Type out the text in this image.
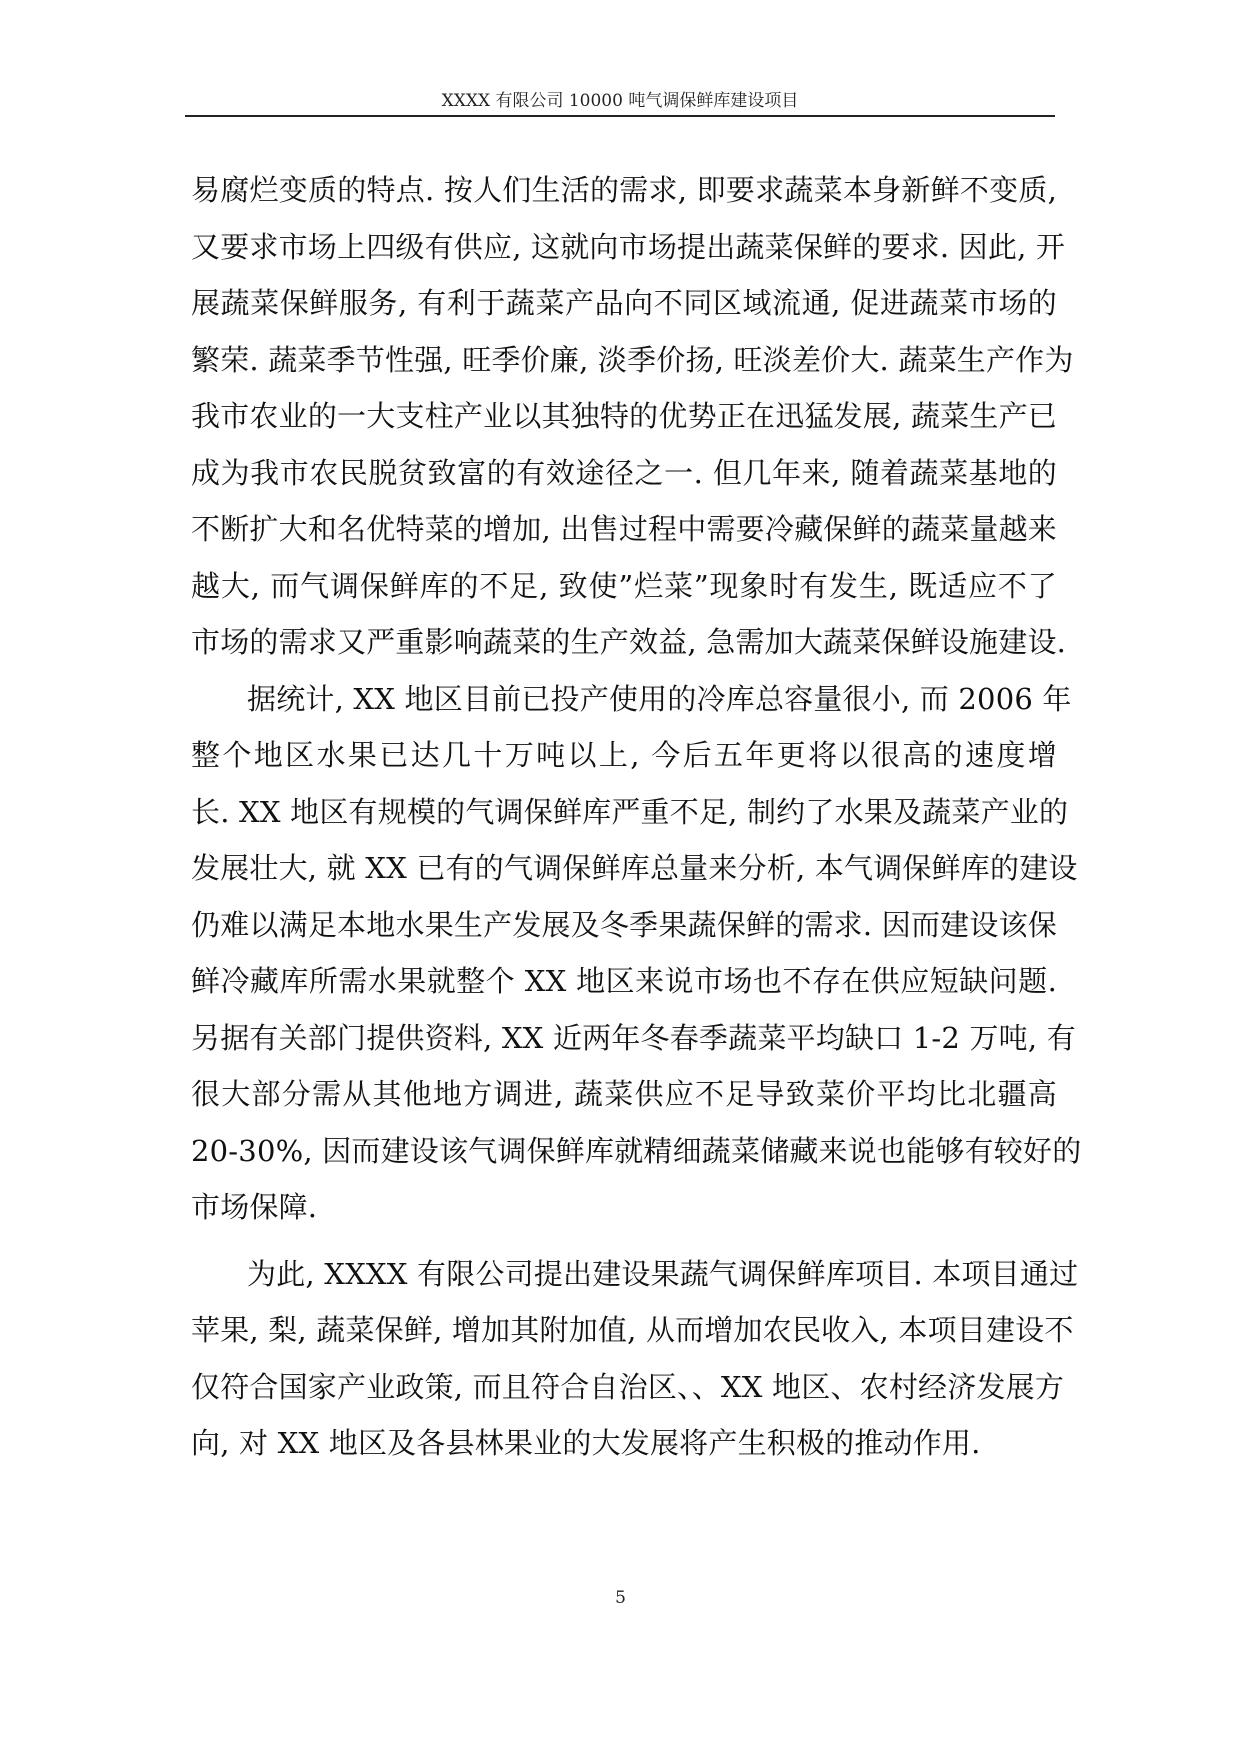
XXXX 有限公司 10000 吨气调保鲜库建设项目
易腐烂变质的特点. 按人们生活的需求, 即要求蔬菜本身新鲜不变质,
又要求市场上四级有供应, 这就向市场提出蔬菜保鲜的要求. 因此, 开
展蔬菜保鲜服务, 有利于蔬菜产品向不同区域流通, 促进蔬菜市场的
繁荣. 蔬菜季节性强, 旺季价廉, 淡季价扬, 旺淡差价大. 蔬菜生产作为
我市农业的一大支柱产业以其独特的优势正在迅猛发展, 蔬菜生产已
成为我市农民脱贫致富的有效途径之一. 但几年来, 随着蔬菜基地的
不断扩大和名优特菜的增加, 出售过程中需要冷藏保鲜的蔬菜量越来
越大, 而气调保鲜库的不足, 致使”烂菜”现象时有发生, 既适应不了
市场的需求又严重影响蔬菜的生产效益, 急需加大蔬菜保鲜设施建设.
据统计, XX 地区目前已投产使用的冷库总容量很小, 而 2006 年
整个地区水果已达几十万吨以上, 今后五年更将以很高的速度增
长. XX 地区有规模的气调保鲜库严重不足, 制约了水果及蔬菜产业的
发展壮大, 就 XX 已有的气调保鲜库总量来分析, 本气调保鲜库的建设
仍难以满足本地水果生产发展及冬季果蔬保鲜的需求. 因而建设该保
鲜冷藏库所需水果就整个 XX 地区来说市场也不存在供应短缺问题.
另据有关部门提供资料, XX 近两年冬春季蔬菜平均缺口 1-2 万吨, 有
很大部分需从其他地方调进, 蔬菜供应不足导致菜价平均比北疆高
20-30%, 因而建设该气调保鲜库就精细蔬菜储藏来说也能够有较好的
市场保障.
为此, XXXX 有限公司提出建设果蔬气调保鲜库项目. 本项目通过
苹果, 梨, 蔬菜保鲜, 增加其附加值, 从而增加农民收入, 本项目建设不
仅符合国家产业政策, 而且符合自治区、、XX 地区、农村经济发展方
向, 对 XX 地区及各县林果业的大发展将产生积极的推动作用.
5
